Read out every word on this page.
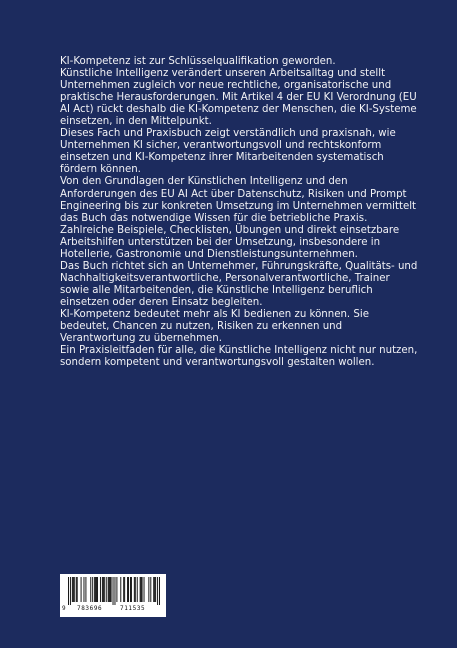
KI-Kompetenz ist zur Schlüsselqualifikation geworden.

Künstliche Intelligenz verändert unseren Arbeitsalltag und stellt Unternehmen zugleich vor neue rechtliche, organisatorische und praktische Herausforderungen. Mit Artikel 4 der EU KI Verordnung (EU AI Act) rückt deshalb die KI-Kompetenz der Menschen, die KI-Systeme einsetzen, in den Mittelpunkt.

Dieses Fach und Praxisbuch zeigt verständlich und praxisnah, wie Unternehmen KI sicher, verantwortungsvoll und rechtskonform einsetzen und KI-Kompetenz ihrer Mitarbeitenden systematisch fördern können.

Von den Grundlagen der Künstlichen Intelligenz und den Anforderungen des EU AI Act über Datenschutz, Risiken und Prompt Engineering bis zur konkreten Umsetzung im Unternehmen vermittelt das Buch das notwendige Wissen für die betriebliche Praxis.

Zahlreiche Beispiele, Checklisten, Übungen und direkt einsetzbare Arbeitshilfen unterstützen bei der Umsetzung, insbesondere in Hotellerie, Gastronomie und Dienstleistungsunternehmen.

Das Buch richtet sich an Unternehmer, Führungskräfte, Qualitäts- und Nachhaltigkeitsverantwortliche, Personalverantwortliche, Trainer sowie alle Mitarbeitenden, die Künstliche Intelligenz beruflich einsetzen oder deren Einsatz begleiten.

KI-Kompetenz bedeutet mehr als KI bedienen zu können. Sie bedeutet, Chancen zu nutzen, Risiken zu erkennen und Verantwortung zu übernehmen.

Ein Praxisleitfaden für alle, die Künstliche Intelligenz nicht nur nutzen, sondern kompetent und verantwortungsvoll gestalten wollen.

9 783696	711535
